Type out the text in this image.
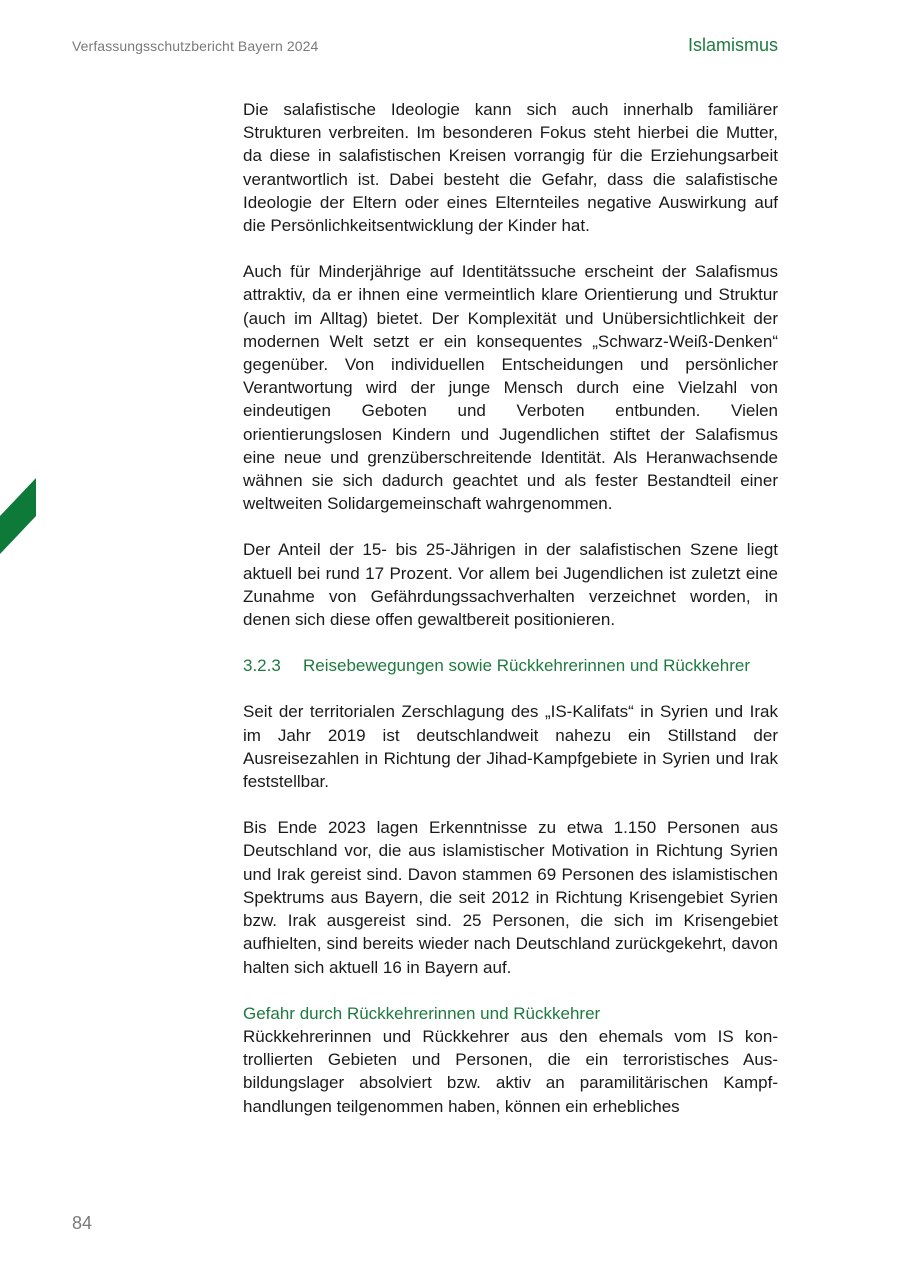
Verfassungsschutzbericht Bayern 2024	Islamismus

Die salafistische Ideologie kann sich auch innerhalb familiärer Strukturen verbreiten. Im besonderen Fokus steht hierbei die Mutter, da diese in salafistischen Kreisen vorrangig für die Erziehungsarbeit verantwortlich ist. Dabei besteht die Gefahr, dass die salafistische Ideologie der Eltern oder eines Elternteiles negative Auswirkung auf die Persönlichkeitsentwicklung der Kinder hat.

Auch für Minderjährige auf Identitätssuche erscheint der Salafismus attraktiv, da er ihnen eine vermeintlich klare Orientierung und Struktur (auch im Alltag) bietet. Der Komplexität und Unübersichtlichkeit der modernen Welt setzt er ein konsequentes „Schwarz-Weiß-Denken“ gegenüber. Von individuellen Entscheidungen und persönlicher Verantwortung wird der junge Mensch durch eine Vielzahl von eindeutigen Geboten und Verboten entbunden. Vielen orientierungslosen Kindern und Jugendlichen stiftet der Salafismus eine neue und grenzüberschreitende Identität. Als Heranwachsende wähnen sie sich dadurch geachtet und als fester Bestandteil einer weltweiten Solidargemeinschaft wahrgenommen.

Der Anteil der 15- bis 25-Jährigen in der salafistischen Szene liegt aktuell bei rund 17 Prozent. Vor allem bei Jugendlichen ist zuletzt eine Zunahme von Gefährdungssachverhalten verzeichnet worden, in denen sich diese offen gewaltbereit positionieren.

3.2.3	Reisebewegungen sowie Rückkehrerinnen und Rückkehrer

Seit der territorialen Zerschlagung des „IS-Kalifats“ in Syrien und Irak im Jahr 2019 ist deutschlandweit nahezu ein Stillstand der Ausreisezahlen in Richtung der Jihad-Kampfgebiete in Syrien und Irak feststellbar.

Bis Ende 2023 lagen Erkenntnisse zu etwa 1.150 Personen aus Deutschland vor, die aus islamistischer Motivation in Richtung Syrien und Irak gereist sind. Davon stammen 69 Personen des islamistischen Spektrums aus Bayern, die seit 2012 in Richtung Krisengebiet Syrien bzw. Irak ausgereist sind. 25 Personen, die sich im Krisengebiet aufhielten, sind bereits wieder nach Deutschland zurückgekehrt, davon halten sich aktuell 16 in Bayern auf.

Gefahr durch Rückkehrerinnen und Rückkehrer

Rückkehrerinnen und Rückkehrer aus den ehemals vom IS kontrollierten Gebieten und Personen, die ein terroristisches Ausbildungslager absolviert bzw. aktiv an paramilitärischen Kampfhandlungen teilgenommen haben, können ein erhebliches

84
